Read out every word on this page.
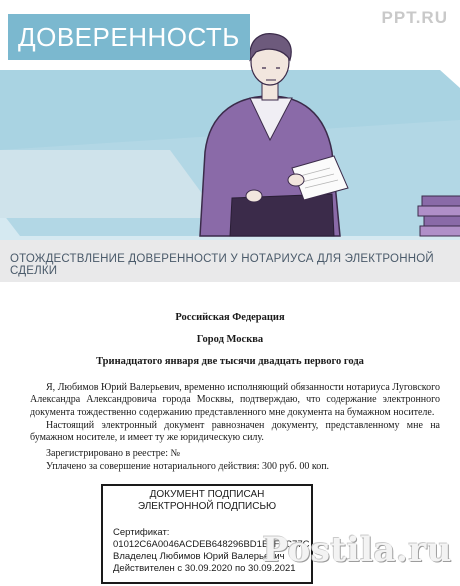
ДОВЕРЕННОСТЬ
PPT.RU
ОТОЖДЕСТВЛЕНИЕ ДОВЕРЕННОСТИ У НОТАРИУСА ДЛЯ ЭЛЕКТРОННОЙ СДЕЛКИ
Российская Федерация
Город Москва
Тринадцатого января две тысячи двадцать первого года
Я, Любимов Юрий Валерьевич, временно исполняющий обязанности нотариуса Луговского Александра Александровича города Москвы, подтверждаю, что содержание электронного документа тождественно содержанию представленного мне документа на бумажном носителе.
Настоящий электронный документ равнозначен документу, представленному мне на бумажном носителе, и имеет ту же юридическую силу.
Зарегистрировано в реестре: №
Уплачено за совершение нотариального действия: 300 руб. 00 коп.
ДОКУМЕНТ ПОДПИСАН
ЭЛЕКТРОННОЙ ПОДПИСЬЮ
Сертификат:
01012C6A0046ACDEB648296BD1B3FAC77C
Владелец Любимов Юрий Валерьевич
Действителен с 30.09.2020 по 30.09.2021
Postila.ru
